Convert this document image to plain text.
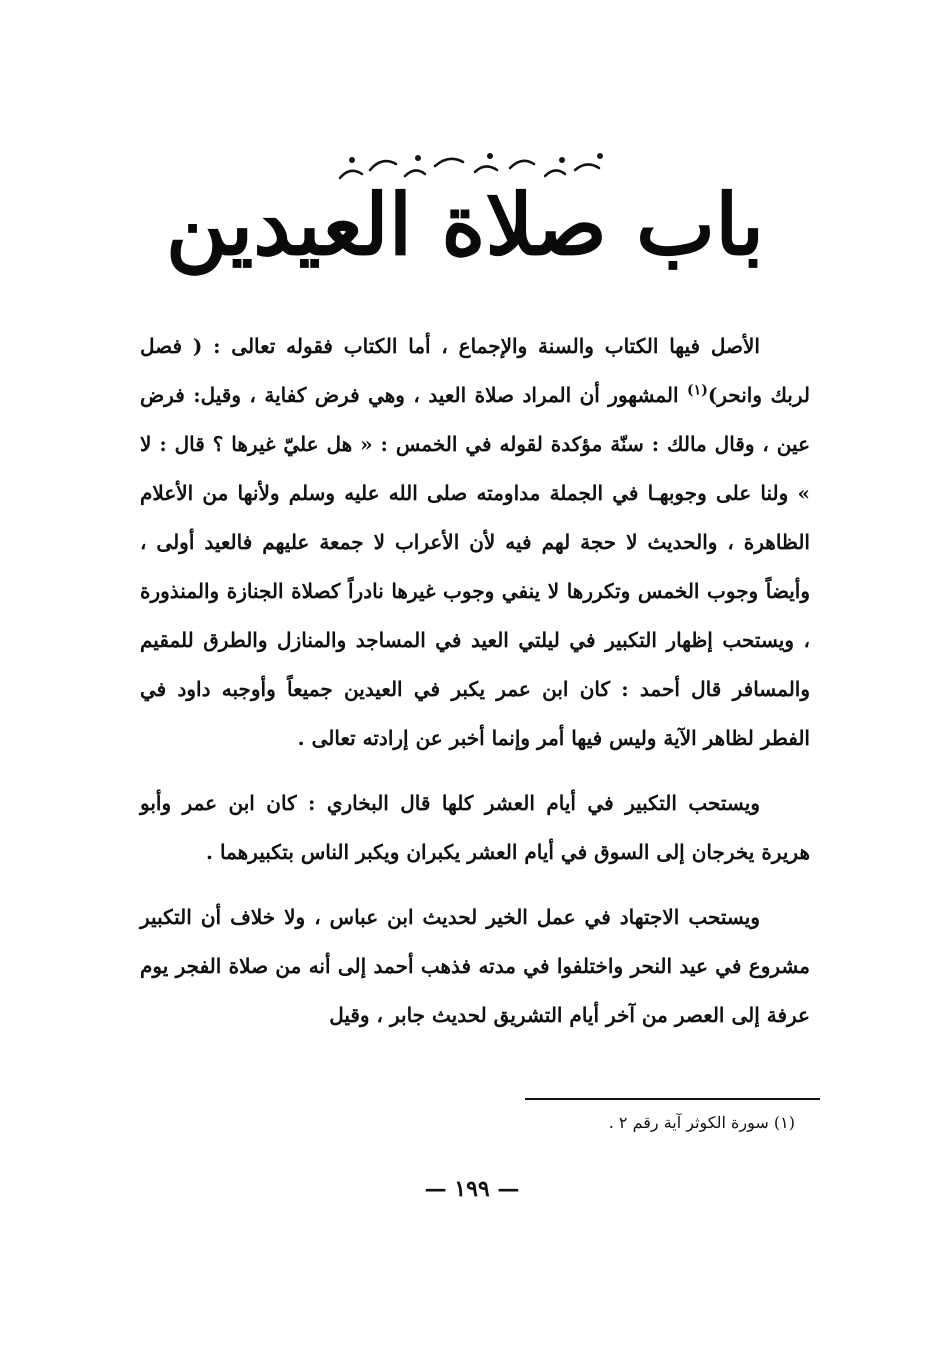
باب صلاة العيدين

الأصل فيها الكتاب والسنة والإجماع ، أما الكتاب فقوله تعالى : ( فصل لربك وانحر)$^{(١)}$ المشهور أن المراد صلاة العيد ، وهي فرض كفاية ، وقيل: فرض عين ، وقال مالك : سنّة مؤكدة لقوله في الخمس : « هل عليّ غيرها ؟ قال : لا » ولنا على وجوبهـا في الجملة مداومته صلى الله عليه وسلم ولأنها من الأعلام الظاهرة ، والحديث لا حجة لهم فيه لأن الأعراب لا جمعة عليهم فالعيد أولى ، وأيضاً وجوب الخمس وتكررها لا ينفي وجوب غيرها نادراً كصلاة الجنازة والمنذورة ، ويستحب إظهار التكبير في ليلتي العيد في المساجد والمنازل والطرق للمقيم والمسافر قال أحمد : كان ابن عمر يكبر في العيدين جميعاً وأوجبه داود في الفطر لظاهر الآية وليس فيها أمر وإنما أخبر عن إرادته تعالى .

ويستحب التكبير في أيام العشر كلها قال البخاري : كان ابن عمر وأبو هريرة يخرجان إلى السوق في أيام العشر يكبران ويكبر الناس بتكبيرهما .

ويستحب الاجتهاد في عمل الخير لحديث ابن عباس ، ولا خلاف أن التكبير مشروع في عيد النحر واختلفوا في مدته فذهب أحمد إلى أنه من صلاة الفجر يوم عرفة إلى العصر من آخر أيام التشريق لحديث جابر ، وقيل

(١) سورة الكوثر آية رقم ٢ .
— ١٩٩ —
